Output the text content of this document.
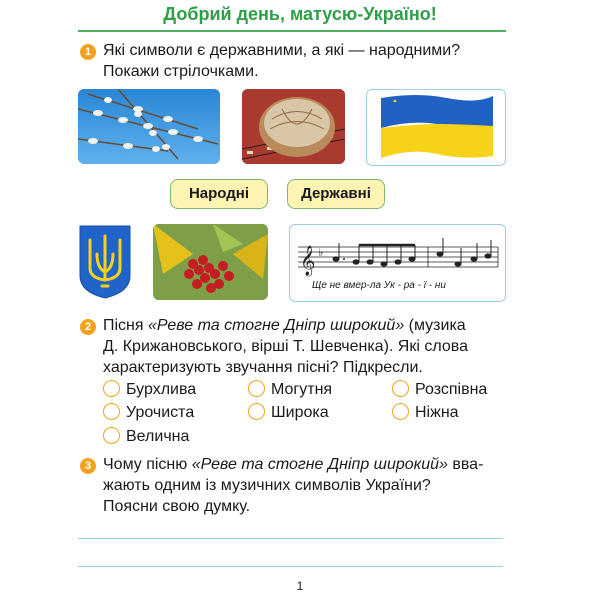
Добрий день, матусю-Україно!
1 Які символи є державними, а які — народними?
Покажи стрілочками.
Народні	Державні
𝄞 ♭
Ще не вмер-ла Ук - ра - ї - ни
2 Пісня «Реве та стогне Дніпр широкий» (музика
Д. Крижановського, вірші Т. Шевченка). Які слова
характеризують звучання пісні? Підкресли.
Бурхлива	Могутня	Розспівна
Урочиста	Широка	Ніжна
Велична
3 Чому пісню «Реве та стогне Дніпр широкий» вва-
жають одним із музичних символів України?
Поясни свою думку.
1
